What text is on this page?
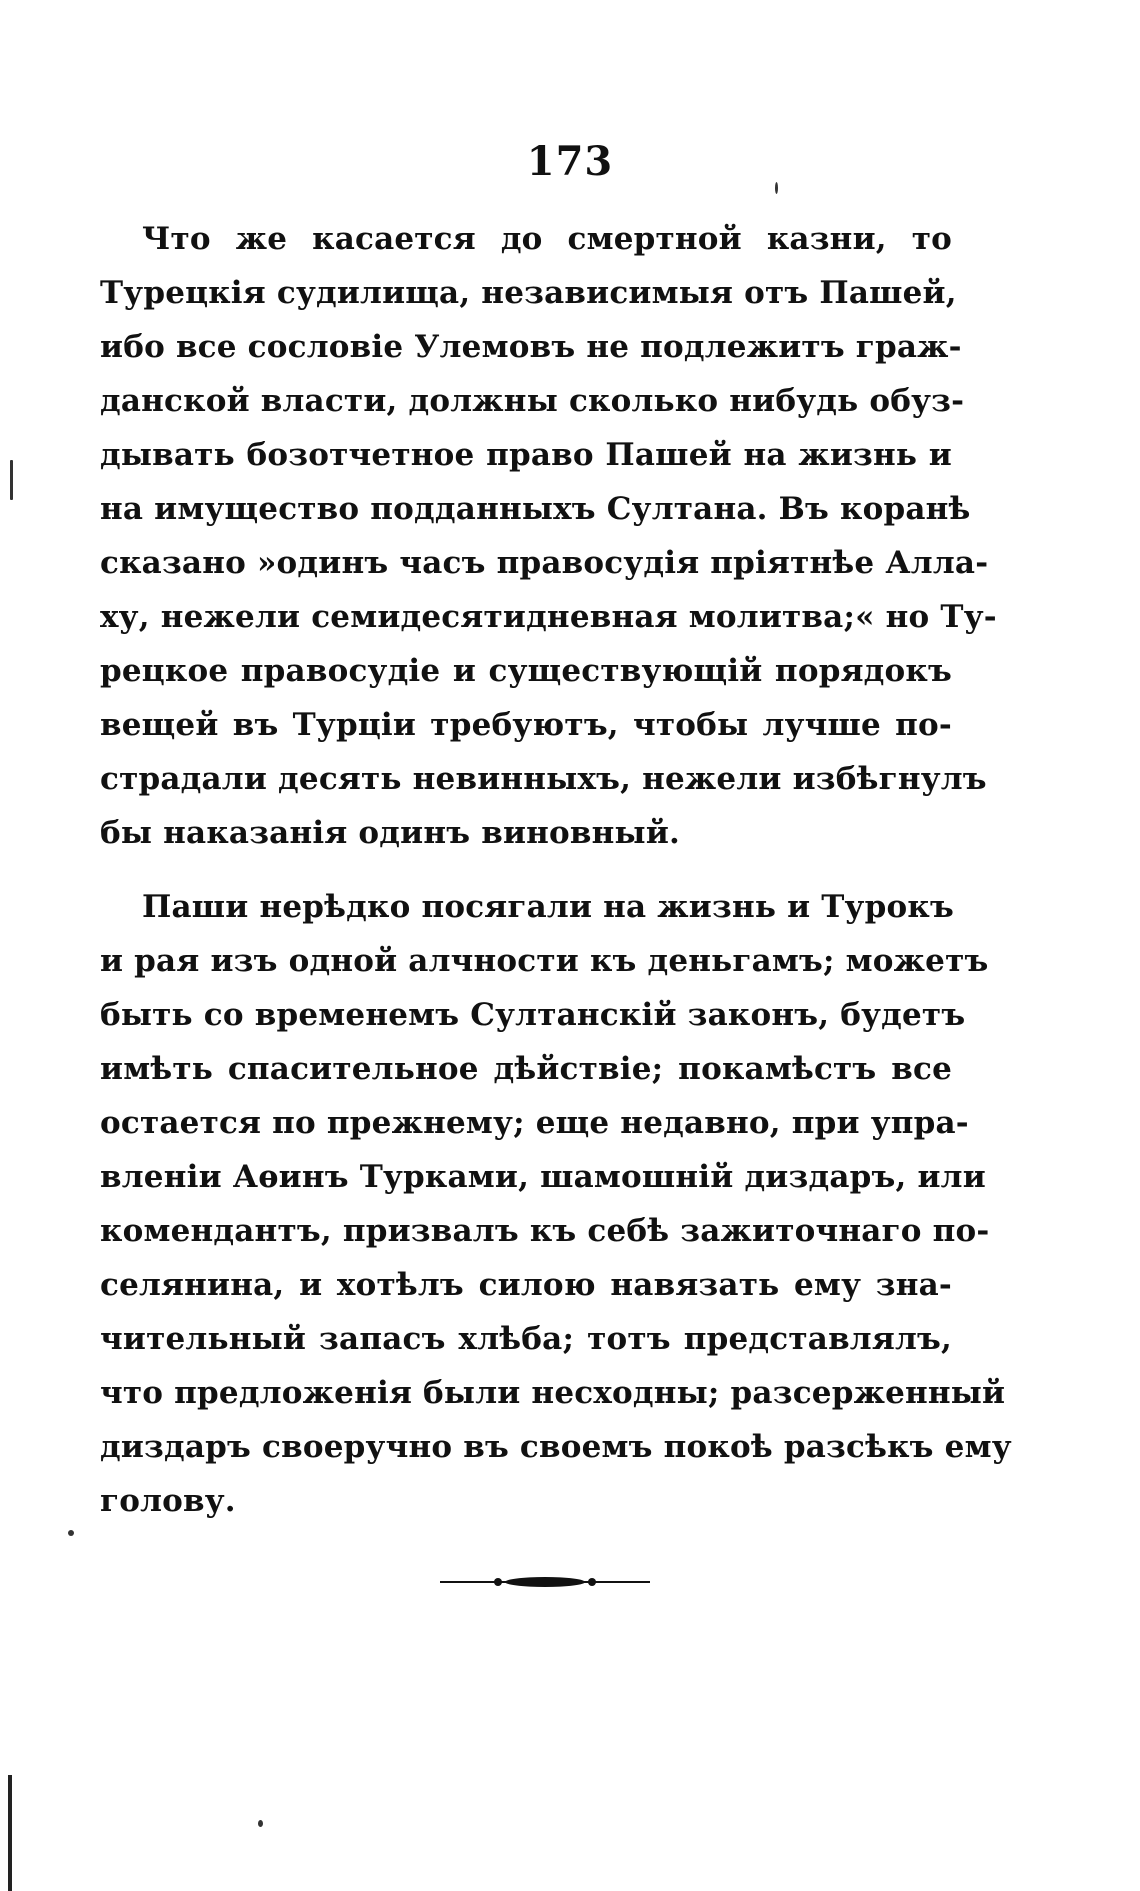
173
Что же касается до смертной казни, то
Турецкія судилища, независимыя отъ Пашей,
ибо все сословіе Улемовъ не подлежитъ граж-
данской власти, должны сколько нибудь обуз-
дывать бозотчетное право Пашей на жизнь и
на имущество подданныхъ Султана. Въ коранѣ
сказано »одинъ часъ правосудія пріятнѣе Алла-
ху, нежели семидесятидневная молитва;« но Ту-
рецкое правосудіе и существующій порядокъ
вещей въ Турціи требуютъ, чтобы лучше по-
страдали десять невинныхъ, нежели избѣгнулъ
бы наказанія одинъ виновный.
Паши нерѣдко посягали на жизнь и Турокъ
и рая изъ одной алчности къ деньгамъ; можетъ
быть со временемъ Султанскій законъ, будетъ
имѣть спасительное дѣйствіе; покамѣстъ все
остается по прежнему; еще недавно, при упра-
вленіи Аѳинъ Турками, шамошній диздаръ, или
комендантъ, призвалъ къ себѣ зажиточнаго по-
селянина, и хотѣлъ силою навязать ему зна-
чительный запасъ хлѣба; тотъ представлялъ,
что предложенія были несходны; разсерженный
диздаръ своеручно въ своемъ покоѣ разсѣкъ ему
голову.
